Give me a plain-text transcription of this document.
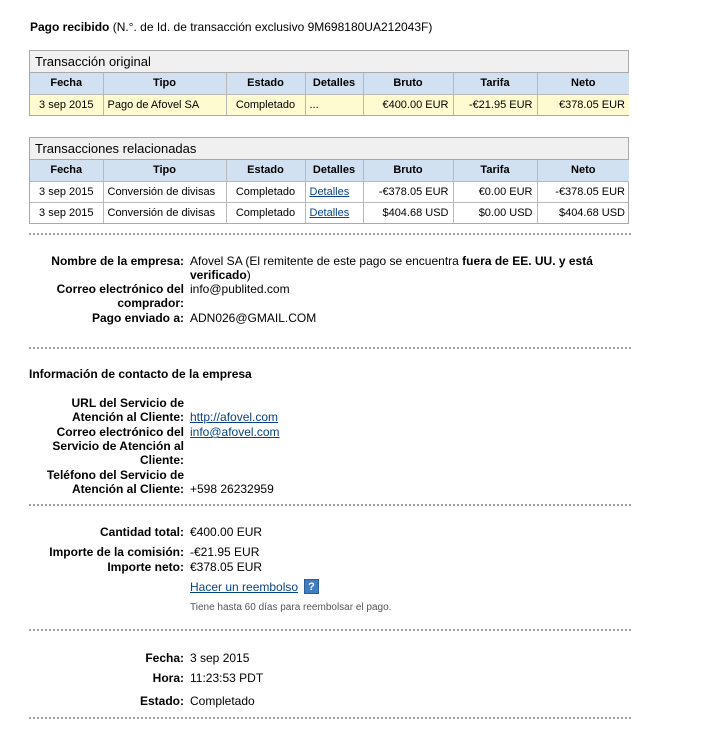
Pago recibido (N.°. de Id. de transacción exclusivo 9M698180UA212043F)
Transacción original
Fecha	Tipo	Estado	Detalles	Bruto	Tarifa	Neto
3 sep 2015	Pago de Afovel SA	Completado	...	€400.00 EUR	-€21.95 EUR	€378.05 EUR
Transacciones relacionadas
Fecha	Tipo	Estado	Detalles	Bruto	Tarifa	Neto
3 sep 2015	Conversión de divisas	Completado	Detalles	-€378.05 EUR	€0.00 EUR	-€378.05 EUR
3 sep 2015	Conversión de divisas	Completado	Detalles	$404.68 USD	$0.00 USD	$404.68 USD
Nombre de la empresa: Afovel SA (El remitente de este pago se encuentra fuera de EE. UU. y está verificado)
Correo electrónico del
comprador:
info@publited.com
Pago enviado a: ADN026@GMAIL.COM
Información de contacto de la empresa
URL del Servicio de
Atención al Cliente: http://afovel.com
Correo electrónico del
Servicio de Atención al
Cliente:
info@afovel.com
Teléfono del Servicio de
Atención al Cliente: +598 26232959
Cantidad total: €400.00 EUR
Importe de la comisión: -€21.95 EUR
Importe neto: €378.05 EUR
Hacer un reembolso ?
Tiene hasta 60 días para reembolsar el pago.
Fecha: 3 sep 2015
Hora: 11:23:53 PDT
Estado: Completado
